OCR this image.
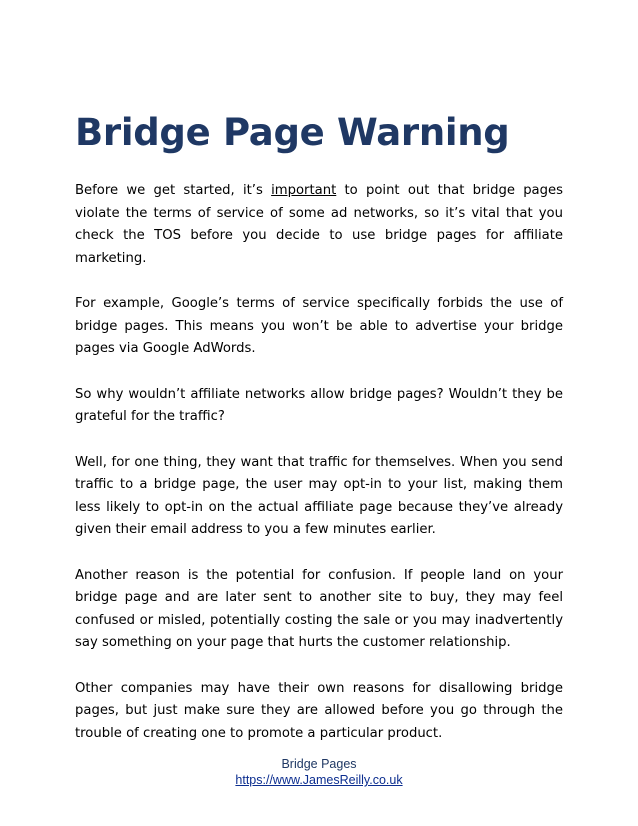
Bridge Page Warning

Before we get started, it’s important to point out that bridge pages violate the terms of service of some ad networks, so it’s vital that you check the TOS before you decide to use bridge pages for affiliate marketing.

For example, Google’s terms of service specifically forbids the use of bridge pages. This means you won’t be able to advertise your bridge pages via Google AdWords.

So why wouldn’t affiliate networks allow bridge pages? Wouldn’t they be grateful for the traffic?

Well, for one thing, they want that traffic for themselves. When you send traffic to a bridge page, the user may opt-in to your list, making them less likely to opt-in on the actual affiliate page because they’ve already given their email address to you a few minutes earlier.

Another reason is the potential for confusion. If people land on your bridge page and are later sent to another site to buy, they may feel confused or misled, potentially costing the sale or you may inadvertently say something on your page that hurts the customer relationship.

Other companies may have their own reasons for disallowing bridge pages, but just make sure they are allowed before you go through the trouble of creating one to promote a particular product.

Bridge Pages
https://www.JamesReilly.co.uk
